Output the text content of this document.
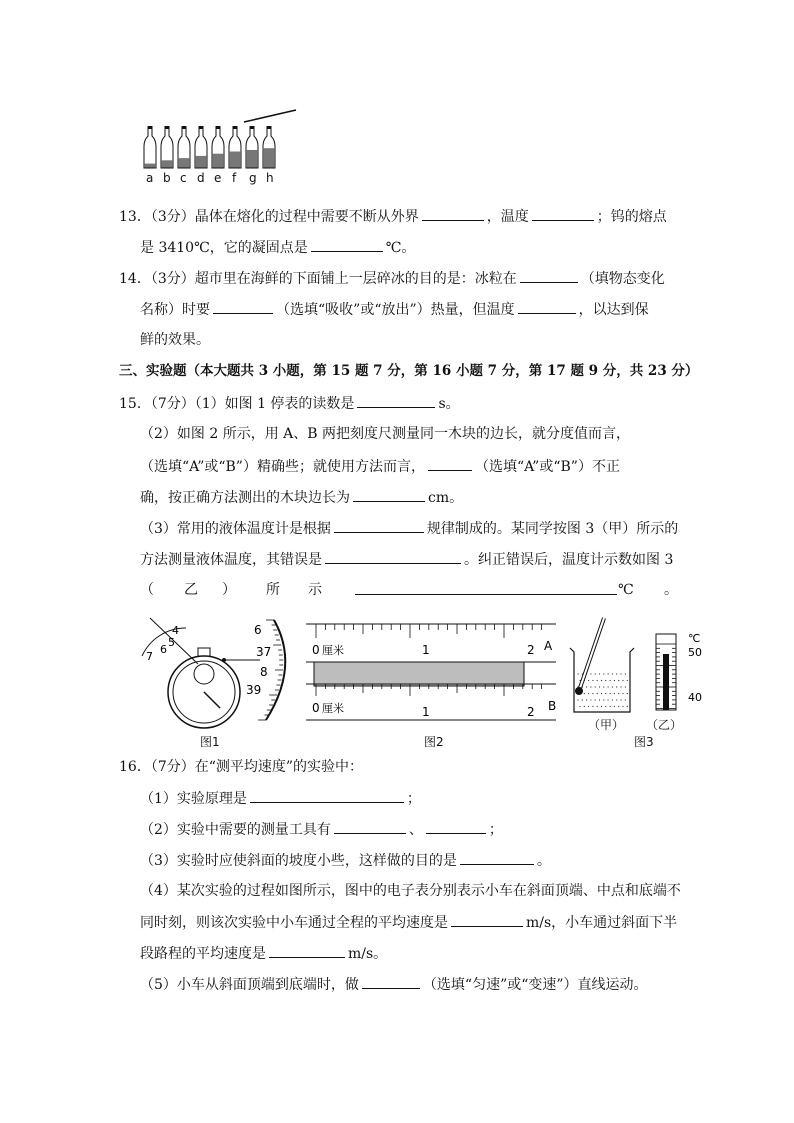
a b c d e f g h
13．（3分）晶体在熔化的过程中需要不断从外界	，温度	；钨的熔点
是 3410℃，它的凝固点是	℃。
14．（3分）超市里在海鲜的下面铺上一层碎冰的目的是：冰粒在	（填物态变化
名称）时要	（选填“吸收”或“放出”）热量，但温度	，以达到保
鲜的效果。
三、实验题（本大题共 3 小题，第 15 题 7 分，第 16 小题 7 分，第 17 题 9 分，共 23 分）
15．（7分）（1）如图 1 停表的读数是	s。
（2）如图 2 所示，用 A、B 两把刻度尺测量同一木块的边长，就分度值而言，
（选填“A”或“B”）精确些；就使用方法而言，	（选填“A”或“B”）不正
确，按正确方法测出的木块边长为	cm。
（3）常用的液体温度计是根据	规律制成的。某同学按图 3（甲）所示的
方法测量液体温度，其错误是	。纠正错误后，温度计示数如图 3
（ 乙 ） 所 示	℃ 。
4
5
6
7
6
37
8
39
图1
0 厘米	1	2 A
0 厘米	1	2 B
图2
℃
50
40
（甲） （乙）
图3
16．（7分）在“测平均速度”的实验中：
（1）实验原理是	；
（2）实验中需要的测量工具有	、	；
（3）实验时应使斜面的坡度小些，这样做的目的是	。
（4）某次实验的过程如图所示，图中的电子表分别表示小车在斜面顶端、中点和底端不
同时刻，则该次实验中小车通过全程的平均速度是	m/s，小车通过斜面下半
段路程的平均速度是	m/s。
（5）小车从斜面顶端到底端时，做	（选填“匀速”或“变速”）直线运动。
